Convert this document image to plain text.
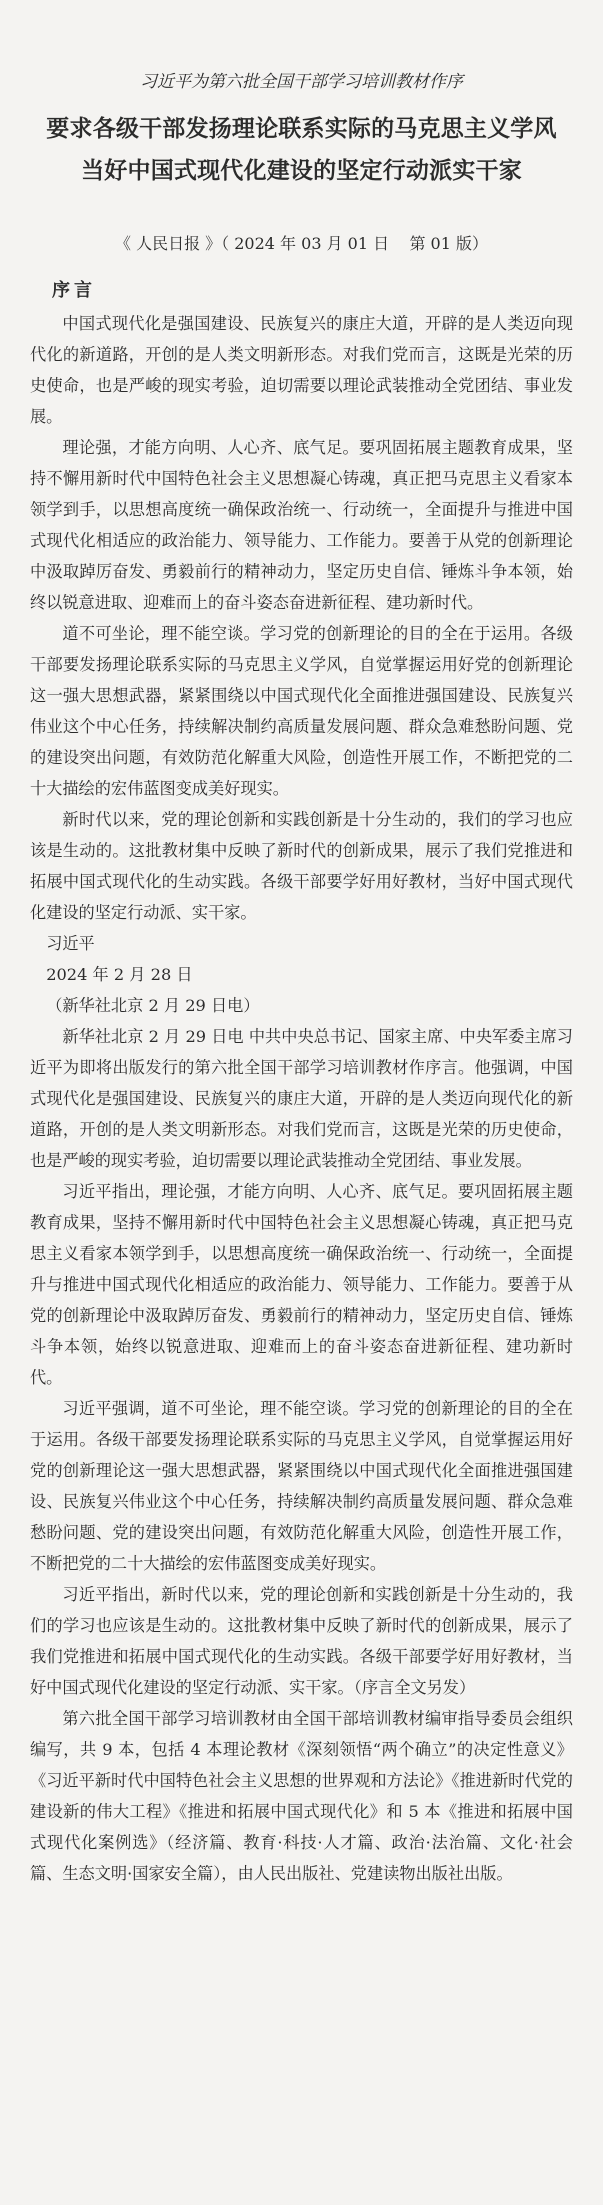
习近平为第六批全国干部学习培训教材作序
要求各级干部发扬理论联系实际的马克思主义学风
当好中国式现代化建设的坚定行动派实干家
《 人民日报 》（ 2024 年 03 月 01 日    第 01 版）
序言

中国式现代化是强国建设、民族复兴的康庄大道，开辟的是人类迈向现代化的新道路，开创的是人类文明新形态。对我们党而言，这既是光荣的历史使命，也是严峻的现实考验，迫切需要以理论武装推动全党团结、事业发展。

理论强，才能方向明、人心齐、底气足。要巩固拓展主题教育成果，坚持不懈用新时代中国特色社会主义思想凝心铸魂，真正把马克思主义看家本领学到手，以思想高度统一确保政治统一、行动统一，全面提升与推进中国式现代化相适应的政治能力、领导能力、工作能力。要善于从党的创新理论中汲取踔厉奋发、勇毅前行的精神动力，坚定历史自信、锤炼斗争本领，始终以锐意进取、迎难而上的奋斗姿态奋进新征程、建功新时代。

道不可坐论，理不能空谈。学习党的创新理论的目的全在于运用。各级干部要发扬理论联系实际的马克思主义学风，自觉掌握运用好党的创新理论这一强大思想武器，紧紧围绕以中国式现代化全面推进强国建设、民族复兴伟业这个中心任务，持续解决制约高质量发展问题、群众急难愁盼问题、党的建设突出问题，有效防范化解重大风险，创造性开展工作，不断把党的二十大描绘的宏伟蓝图变成美好现实。

新时代以来，党的理论创新和实践创新是十分生动的，我们的学习也应该是生动的。这批教材集中反映了新时代的创新成果，展示了我们党推进和拓展中国式现代化的生动实践。各级干部要学好用好教材，当好中国式现代化建设的坚定行动派、实干家。

习近平

2024 年 2 月 28 日

（新华社北京 2 月 29 日电）

新华社北京 2 月 29 日电 中共中央总书记、国家主席、中央军委主席习近平为即将出版发行的第六批全国干部学习培训教材作序言。他强调，中国式现代化是强国建设、民族复兴的康庄大道，开辟的是人类迈向现代化的新道路，开创的是人类文明新形态。对我们党而言，这既是光荣的历史使命，也是严峻的现实考验，迫切需要以理论武装推动全党团结、事业发展。

习近平指出，理论强，才能方向明、人心齐、底气足。要巩固拓展主题教育成果，坚持不懈用新时代中国特色社会主义思想凝心铸魂，真正把马克思主义看家本领学到手，以思想高度统一确保政治统一、行动统一，全面提升与推进中国式现代化相适应的政治能力、领导能力、工作能力。要善于从党的创新理论中汲取踔厉奋发、勇毅前行的精神动力，坚定历史自信、锤炼斗争本领，始终以锐意进取、迎难而上的奋斗姿态奋进新征程、建功新时代。

习近平强调，道不可坐论，理不能空谈。学习党的创新理论的目的全在于运用。各级干部要发扬理论联系实际的马克思主义学风，自觉掌握运用好党的创新理论这一强大思想武器，紧紧围绕以中国式现代化全面推进强国建设、民族复兴伟业这个中心任务，持续解决制约高质量发展问题、群众急难愁盼问题、党的建设突出问题，有效防范化解重大风险，创造性开展工作，不断把党的二十大描绘的宏伟蓝图变成美好现实。

习近平指出，新时代以来，党的理论创新和实践创新是十分生动的，我们的学习也应该是生动的。这批教材集中反映了新时代的创新成果，展示了我们党推进和拓展中国式现代化的生动实践。各级干部要学好用好教材，当好中国式现代化建设的坚定行动派、实干家。（序言全文另发）

第六批全国干部学习培训教材由全国干部培训教材编审指导委员会组织编写，共 9 本，包括 4 本理论教材《深刻领悟“两个确立”的决定性意义》《习近平新时代中国特色社会主义思想的世界观和方法论》《推进新时代党的建设新的伟大工程》《推进和拓展中国式现代化》和 5 本《推进和拓展中国式现代化案例选》（经济篇、教育·科技·人才篇、政治·法治篇、文化·社会篇、生态文明·国家安全篇），由人民出版社、党建读物出版社出版。
